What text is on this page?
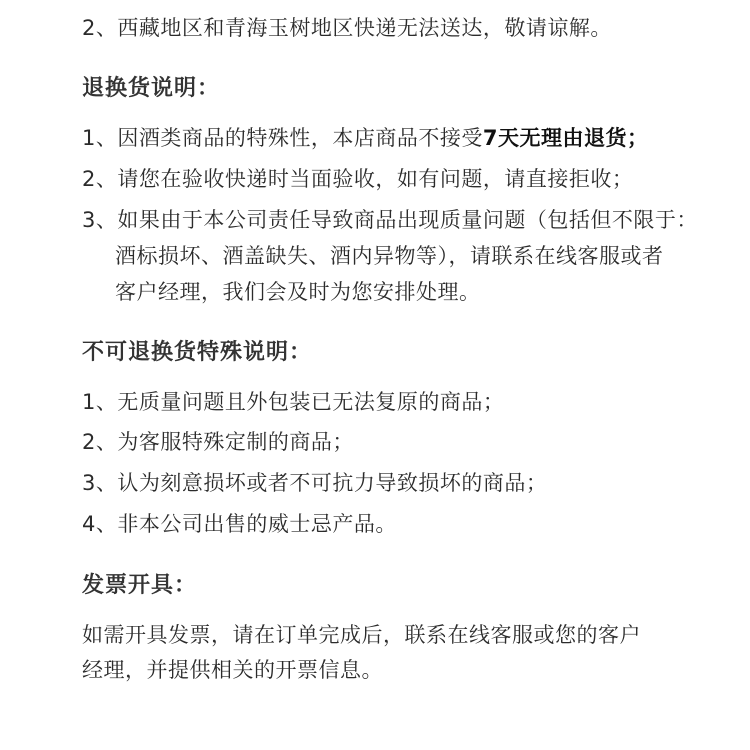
2、西藏地区和青海玉树地区快递无法送达，敬请谅解。
退换货说明：
1、因酒类商品的特殊性，本店商品不接受7天无理由退货；
2、请您在验收快递时当面验收，如有问题，请直接拒收；
3、如果由于本公司责任导致商品出现质量问题（包括但不限于：
酒标损坏、酒盖缺失、酒内异物等），请联系在线客服或者
客户经理，我们会及时为您安排处理。
不可退换货特殊说明：
1、无质量问题且外包装已无法复原的商品；
2、为客服特殊定制的商品；
3、认为刻意损坏或者不可抗力导致损坏的商品；
4、非本公司出售的威士忌产品。
发票开具：
如需开具发票，请在订单完成后，联系在线客服或您的客户
经理，并提供相关的开票信息。
